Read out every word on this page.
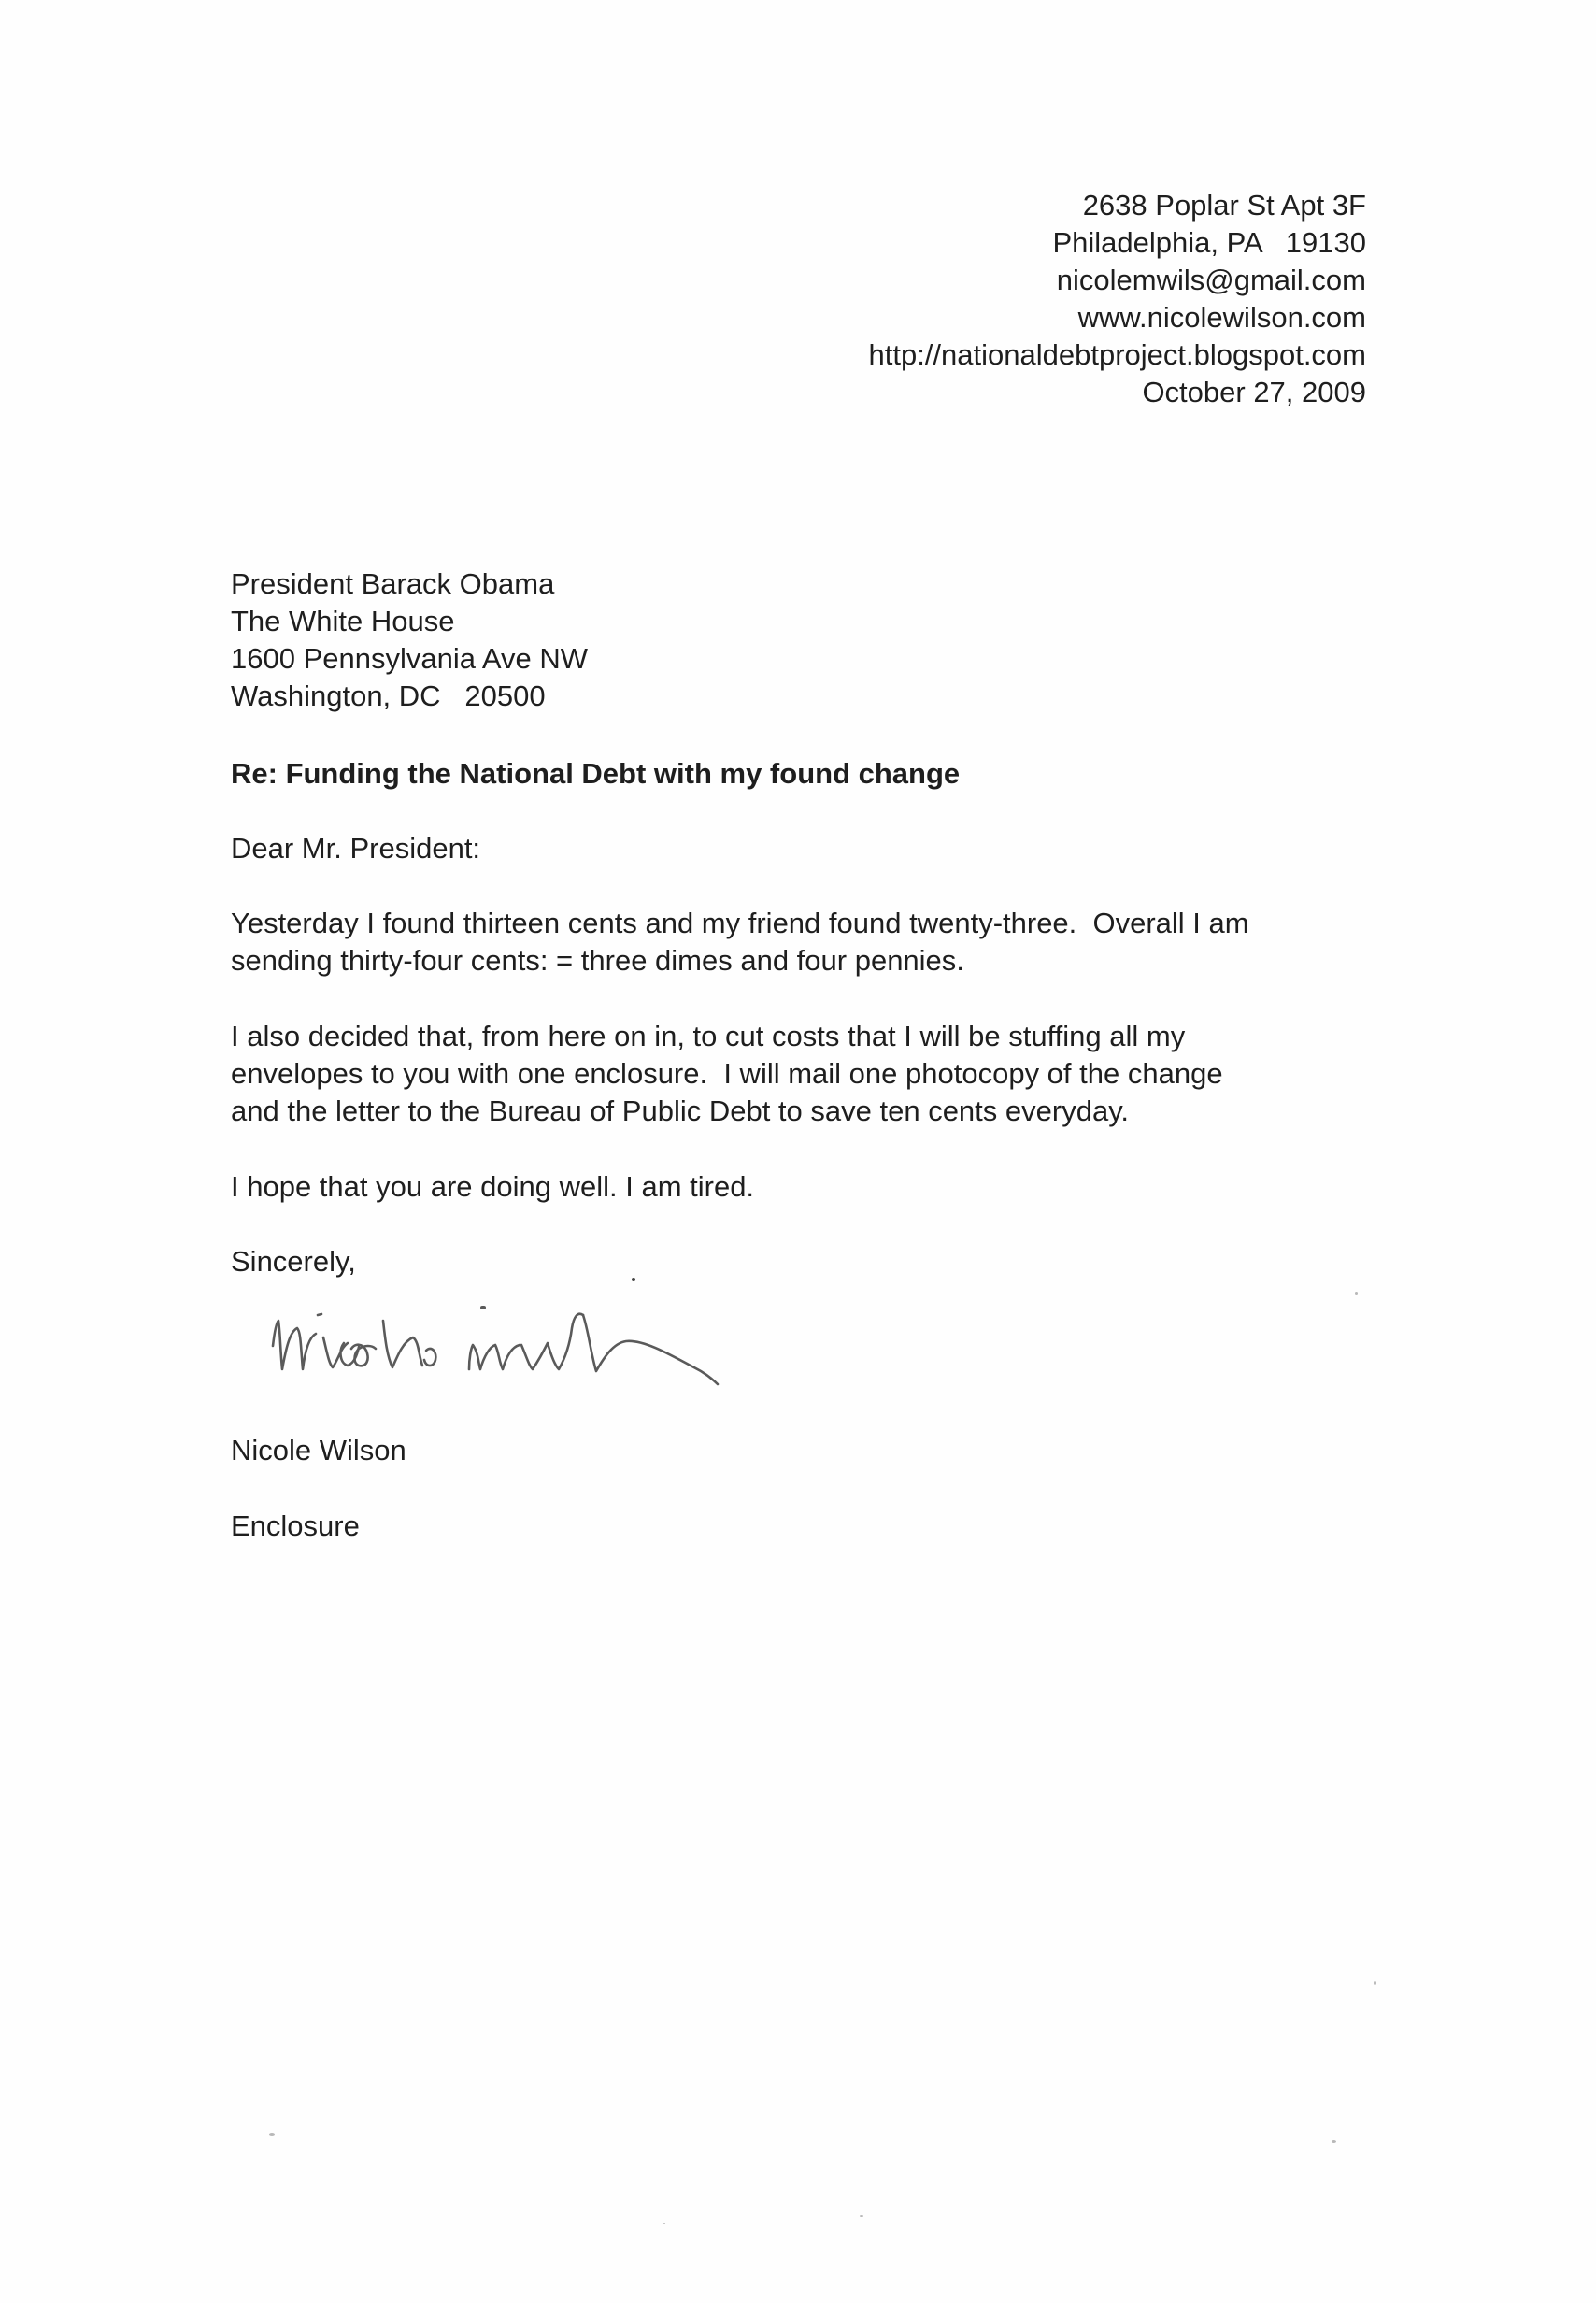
2638 Poplar St Apt 3F
Philadelphia, PA   19130
nicolemwils@gmail.com
www.nicolewilson.com
http://nationaldebtproject.blogspot.com
October 27, 2009
President Barack Obama
The White House
1600 Pennsylvania Ave NW
Washington, DC   20500
Re: Funding the National Debt with my found change
Dear Mr. President:
Yesterday I found thirteen cents and my friend found twenty-three.  Overall I am
sending thirty-four cents: = three dimes and four pennies.
I also decided that, from here on in, to cut costs that I will be stuffing all my
envelopes to you with one enclosure.  I will mail one photocopy of the change
and the letter to the Bureau of Public Debt to save ten cents everyday.
I hope that you are doing well. I am tired.
Sincerely,
Nicole Wilson
Enclosure
